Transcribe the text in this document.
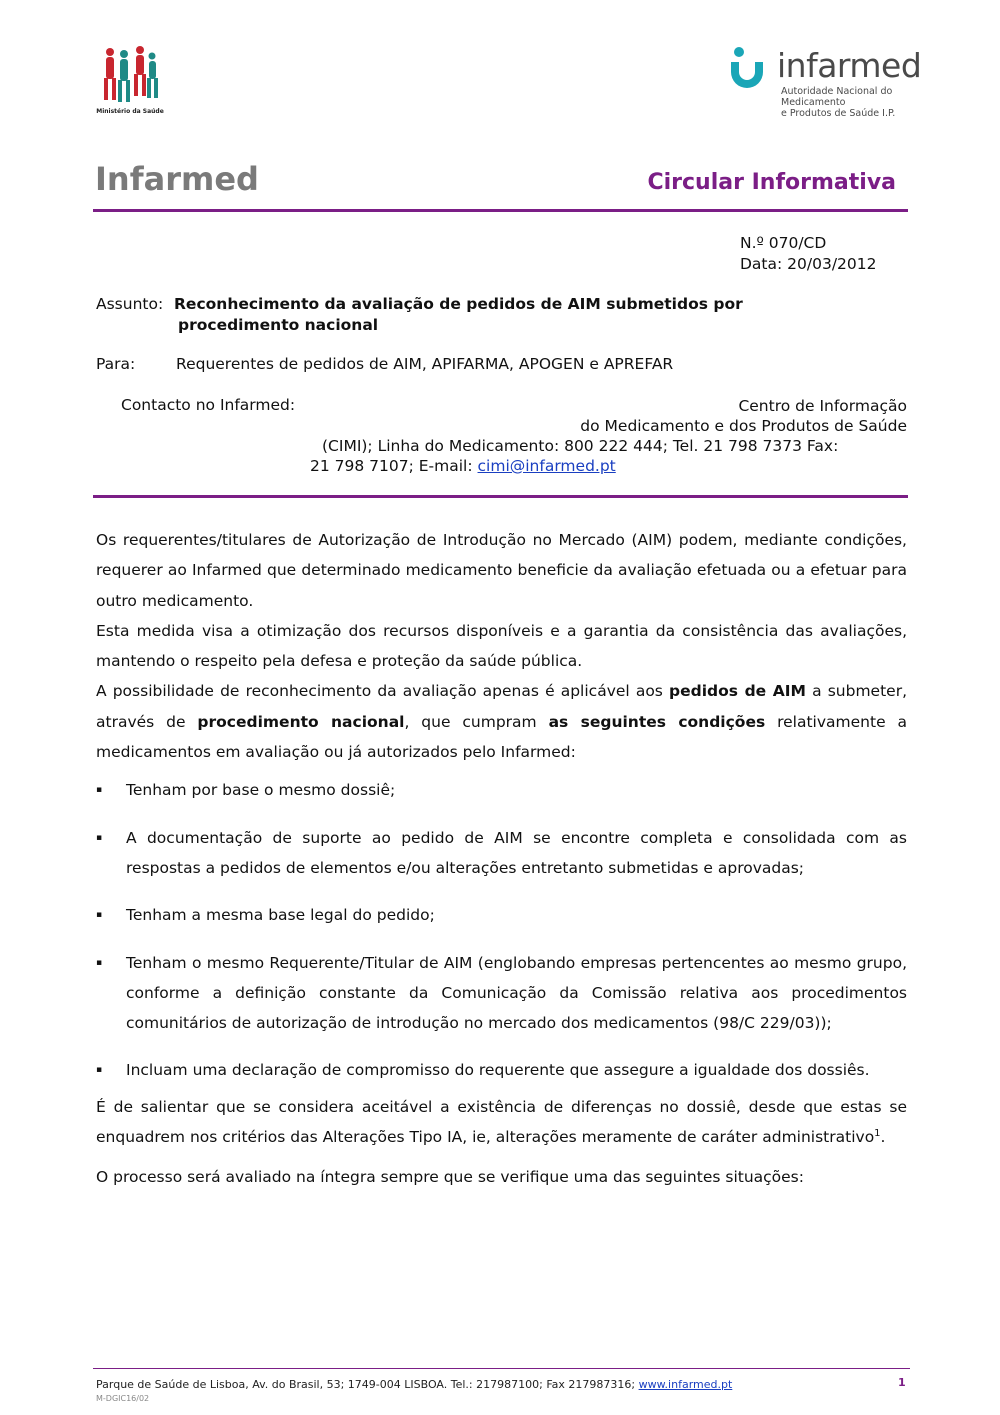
Ministério da Saúde
infarmed
Autoridade Nacional do Medicamento
e Produtos de Saúde I.P.
Infarmed	Circular Informativa
N.º 070/CD
Data: 20/03/2012
Assunto: Reconhecimento da avaliação de pedidos de AIM submetidos por
procedimento nacional
Para:	Requerentes de pedidos de AIM, APIFARMA, APOGEN e APREFAR
Contacto no Infarmed:	Centro de Informação
do Medicamento e dos Produtos de Saúde
(CIMI); Linha do Medicamento: 800 222 444; Tel. 21 798 7373 Fax:
21 798 7107; E-mail: cimi@infarmed.pt

Os requerentes/titulares de Autorização de Introdução no Mercado (AIM) podem, mediante condições, requerer ao Infarmed que determinado medicamento beneficie da avaliação efetuada ou a efetuar para outro medicamento.

Esta medida visa a otimização dos recursos disponíveis e a garantia da consistência das avaliações, mantendo o respeito pela defesa e proteção da saúde pública.

A possibilidade de reconhecimento da avaliação apenas é aplicável aos pedidos de AIM a submeter, através de procedimento nacional, que cumpram as seguintes condições relativamente a medicamentos em avaliação ou já autorizados pelo Infarmed:

▪ Tenham por base o mesmo dossiê;

▪ A documentação de suporte ao pedido de AIM se encontre completa e consolidada com as respostas a pedidos de elementos e/ou alterações entretanto submetidas e aprovadas;

▪ Tenham a mesma base legal do pedido;

▪ Tenham o mesmo Requerente/Titular de AIM (englobando empresas pertencentes ao mesmo grupo, conforme a definição constante da Comunicação da Comissão relativa aos procedimentos comunitários de autorização de introdução no mercado dos medicamentos (98/C 229/03));

▪ Incluam uma declaração de compromisso do requerente que assegure a igualdade dos dossiês.

É de salientar que se considera aceitável a existência de diferenças no dossiê, desde que estas se enquadrem nos critérios das Alterações Tipo IA, ie, alterações meramente de caráter administrativo$^1$.

O processo será avaliado na íntegra sempre que se verifique uma das seguintes situações:

Parque de Saúde de Lisboa, Av. do Brasil, 53; 1749-004 LISBOA. Tel.: 217987100; Fax 217987316; www.infarmed.pt
M-DGIC16/02
1
